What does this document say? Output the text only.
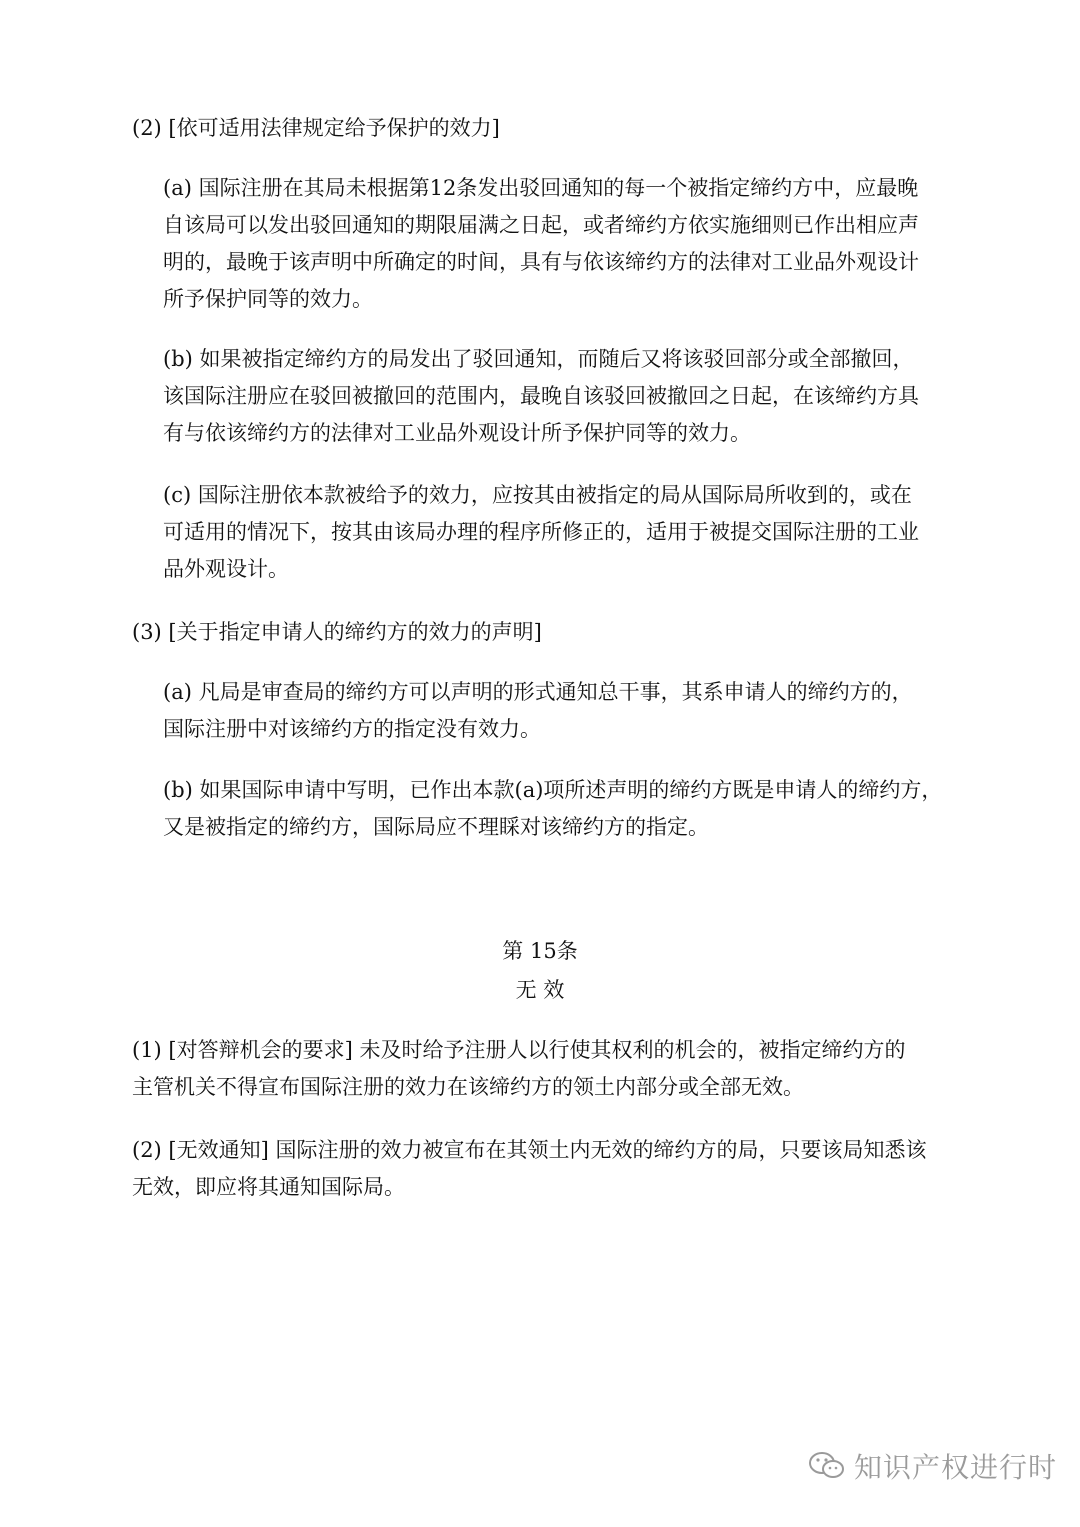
(2) [依可适用法律规定给予保护的效力]

(a) 国际注册在其局未根据第12条发出驳回通知的每一个被指定缔约方中，应最晚
自该局可以发出驳回通知的期限届满之日起，或者缔约方依实施细则已作出相应声
明的，最晚于该声明中所确定的时间，具有与依该缔约方的法律对工业品外观设计
所予保护同等的效力。

(b) 如果被指定缔约方的局发出了驳回通知，而随后又将该驳回部分或全部撤回，
该国际注册应在驳回被撤回的范围内，最晚自该驳回被撤回之日起，在该缔约方具
有与依该缔约方的法律对工业品外观设计所予保护同等的效力。

(c) 国际注册依本款被给予的效力，应按其由被指定的局从国际局所收到的，或在
可适用的情况下，按其由该局办理的程序所修正的，适用于被提交国际注册的工业
品外观设计。

(3) [关于指定申请人的缔约方的效力的声明]

(a) 凡局是审查局的缔约方可以声明的形式通知总干事，其系申请人的缔约方的，
国际注册中对该缔约方的指定没有效力。

(b) 如果国际申请中写明，已作出本款(a)项所述声明的缔约方既是申请人的缔约方，
又是被指定的缔约方，国际局应不理睬对该缔约方的指定。

第 15条

无 效

(1) [对答辩机会的要求] 未及时给予注册人以行使其权利的机会的，被指定缔约方的
主管机关不得宣布国际注册的效力在该缔约方的领土内部分或全部无效。

(2) [无效通知] 国际注册的效力被宣布在其领土内无效的缔约方的局，只要该局知悉该
无效，即应将其通知国际局。

知识产权进行时
